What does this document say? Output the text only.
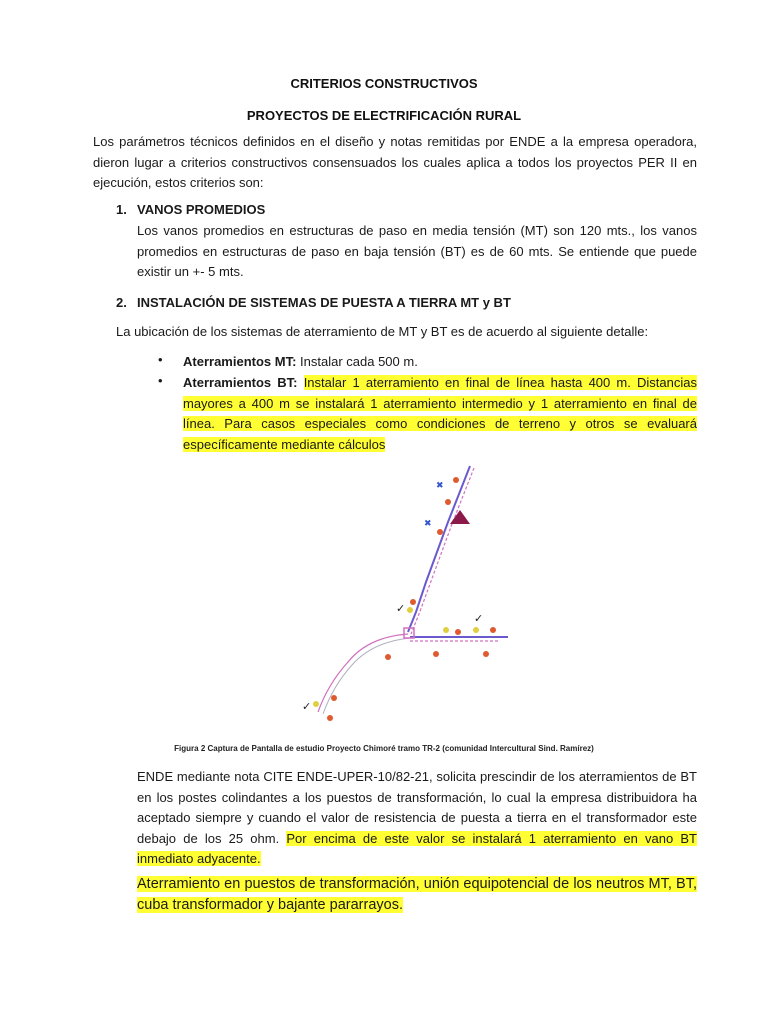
CRITERIOS CONSTRUCTIVOS
PROYECTOS DE ELECTRIFICACIÓN RURAL
Los parámetros técnicos definidos en el diseño y notas remitidas por ENDE a la empresa operadora, dieron lugar a criterios constructivos consensuados los cuales aplica a todos los proyectos PER II en ejecución, estos criterios son:
1. VANOS PROMEDIOS
Los vanos promedios en estructuras de paso en media tensión (MT) son 120 mts., los vanos promedios en estructuras de paso en baja tensión (BT) es de 60 mts. Se entiende que puede existir un +- 5 mts.
2. INSTALACIÓN DE SISTEMAS DE PUESTA A TIERRA MT y BT
La ubicación de los sistemas de aterramiento de MT y BT es de acuerdo al siguiente detalle:
• Aterramientos MT: Instalar cada 500 m.
• Aterramientos BT: Instalar 1 aterramiento en final de línea hasta 400 m. Distancias mayores a 400 m se instalará 1 aterramiento intermedio y 1 aterramiento en final de línea. Para casos especiales como condiciones de terreno y otros se evaluará específicamente mediante cálculos
✖
✖
✓
✓
✓
Figura 2 Captura de Pantalla de estudio Proyecto Chimoré tramo TR-2 (comunidad Intercultural Sind. Ramírez)
ENDE mediante nota CITE ENDE-UPER-10/82-21, solicita prescindir de los aterramientos de BT en los postes colindantes a los puestos de transformación, lo cual la empresa distribuidora ha aceptado siempre y cuando el valor de resistencia de puesta a tierra en el transformador este debajo de los 25 ohm. Por encima de este valor se instalará 1 aterramiento en vano BT inmediato adyacente.
Aterramiento en puestos de transformación, unión equipotencial de los neutros MT, BT, cuba transformador y bajante pararrayos.
